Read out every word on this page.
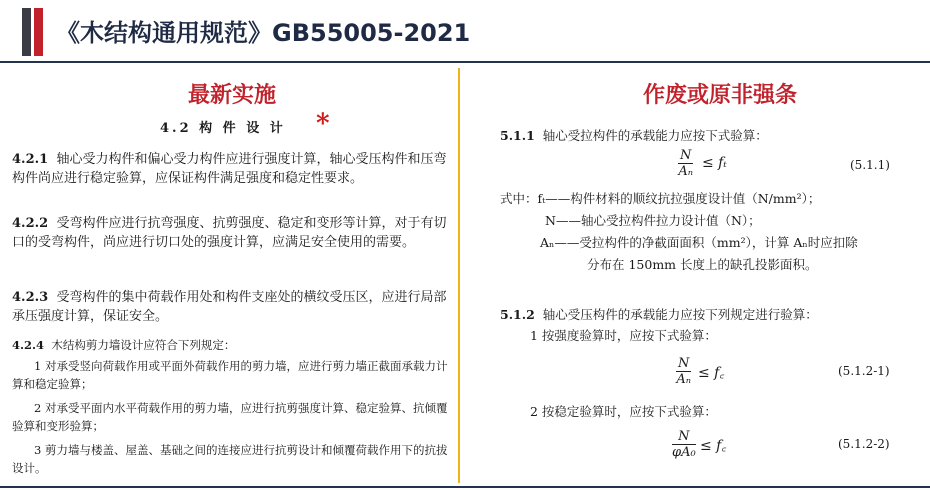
《木结构通用规范》GB55005-2021
最新实施
4.2 构 件 设 计 *
4.2.1 轴心受力构件和偏心受力构件应进行强度计算，轴心受压构件和压弯构件尚应进行稳定验算，应保证构件满足强度和稳定性要求。
4.2.2 受弯构件应进行抗弯强度、抗剪强度、稳定和变形等计算，对于有切口的受弯构件，尚应进行切口处的强度计算，应满足安全使用的需要。
4.2.3 受弯构件的集中荷载作用处和构件支座处的横纹受压区，应进行局部承压强度计算，保证安全。
4.2.4 木结构剪力墙设计应符合下列规定：
1 对承受竖向荷载作用或平面外荷载作用的剪力墙，应进行剪力墙正截面承载力计算和稳定验算；
2 对承受平面内水平荷载作用的剪力墙，应进行抗剪强度计算、稳定验算、抗倾覆验算和变形验算；
3 剪力墙与楼盖、屋盖、基础之间的连接应进行抗剪设计和倾覆荷载作用下的抗拔设计。
作废或原非强条
5.1.1 轴心受拉构件的承载能力应按下式验算：
$\frac{N}{\text{Aₙ}} \le f_t$	(5.1.1)
式中：fₜ——构件材料的顺纹抗拉强度设计值（N/mm²）；
N——轴心受拉构件拉力设计值（N）；
Aₙ——受拉构件的净截面面积（mm²），计算 Aₙ时应扣除
分布在 150mm 长度上的缺孔投影面积。
5.1.2 轴心受压构件的承载能力应按下列规定进行验算：
1 按强度验算时，应按下式验算：
$\frac{N}{\text{Aₙ}}$ ≤ f꜀	(5.1.2-1)
2 按稳定验算时，应按下式验算：
$\frac{N}{\text{φA₀}}$ ≤ f꜀	(5.1.2-2)
